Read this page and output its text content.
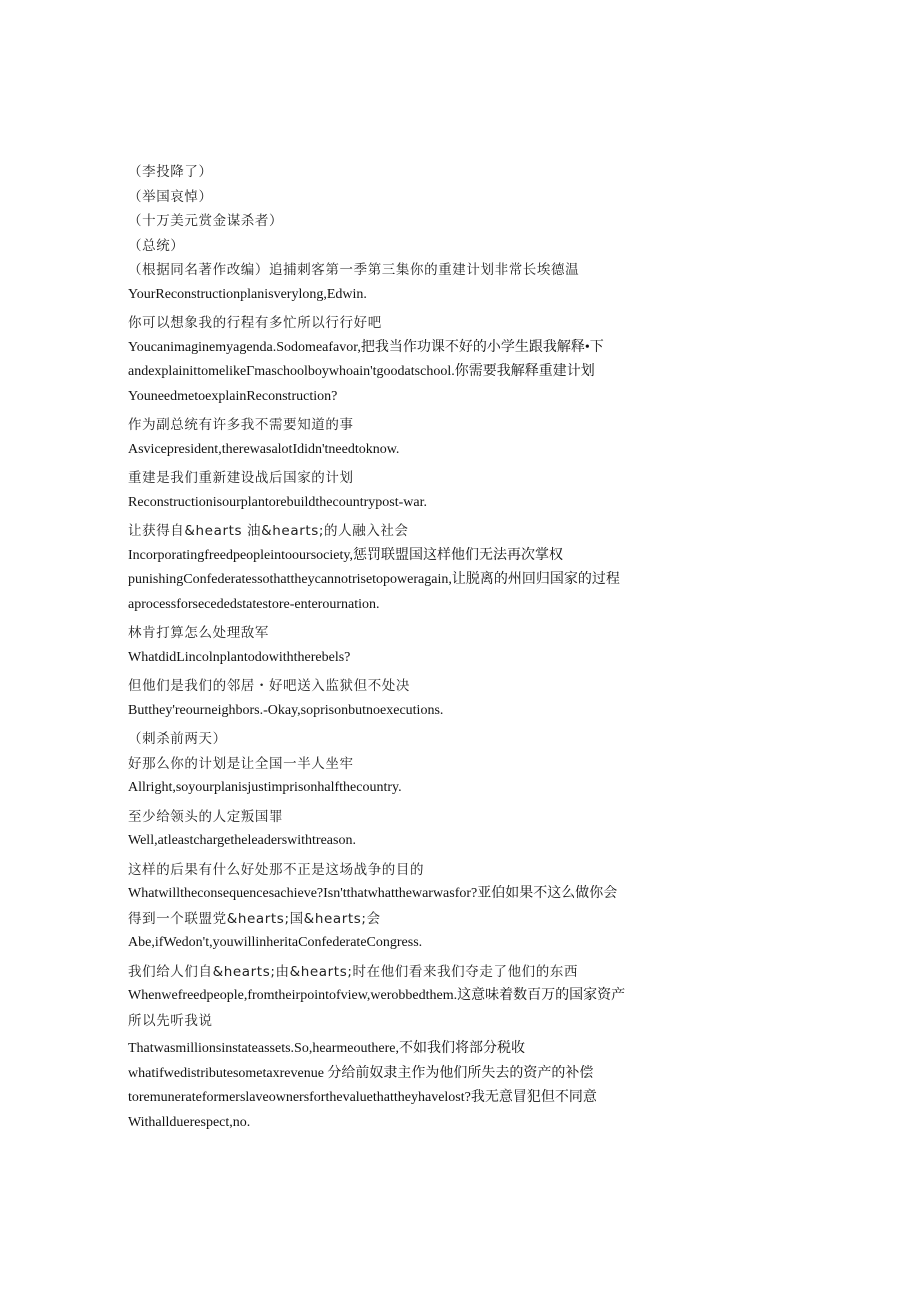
（李投降了）
（举国哀悼）
（十万美元赏金谋杀者）
（总统）
（根据同名著作改编）追捕刺客第一季第三集你的重建计划非常长埃德温
YourReconstructionplanisverylong,Edwin.
你可以想象我的行程有多忙所以行行好吧
Youcanimaginemyagenda.Sodomeafavor,把我当作功课不好的小学生跟我解释•下
andexplainittomelikeΓmaschoolboywhoain'tgoodatschool.你需要我解释重建计划
YouneedmetoexplainReconstruction?
作为副总统有许多我不需要知道的事
Asvicepresident,therewasalotIdidn'tneedtoknow.
重建是我们重新建设战后国家的计划
Reconstructionisourplantorebuildthecountrypost-war.
让获得自&hearts 油&hearts;的人融入社会
Incorporatingfreedpeopleintooursociety,惩罚联盟国这样他们无法再次掌权
punishingConfederatessothattheycannotrisetopoweragain,让脱离的州回归国家的过程
aprocessforsecededstatestore-enterournation.
林肯打算怎么处理敌军
WhatdidLincolnplantodowiththerebels?
但他们是我们的邻居・好吧送入监狱但不处决
Butthey'reourneighbors.-Okay,soprisonbutnoexecutions.
（刺杀前两天）
好那么你的计划是让全国一半人坐牢
Allright,soyourplanisjustimprisonhalfthecountry.
至少给领头的人定叛国罪
Well,atleastchargetheleaderswithtreason.
这样的后果有什么好处那不正是这场战争的目的
Whatwilltheconsequencesachieve?Isn'tthatwhatthewarwasfor?亚伯如果不这么做你会
得到一个联盟党&hearts;国&hearts;会
Abe,ifWedon't,youwillinheritaConfederateCongress.
我们给人们自&hearts;由&hearts;时在他们看来我们夺走了他们的东西
Whenwefreedpeople,fromtheirpointofview,werobbedthem.这意味着数百万的国家资产
所以先听我说
Thatwasmillionsinstateassets.So,hearmeouthere,不如我们将部分税收
whatifwedistributesometaxrevenue 分给前奴隶主作为他们所失去的资产的补偿
toremunerateformerslaveownersforthevaluethattheyhavelost?我无意冒犯但不同意
Withallduerespect,no.
